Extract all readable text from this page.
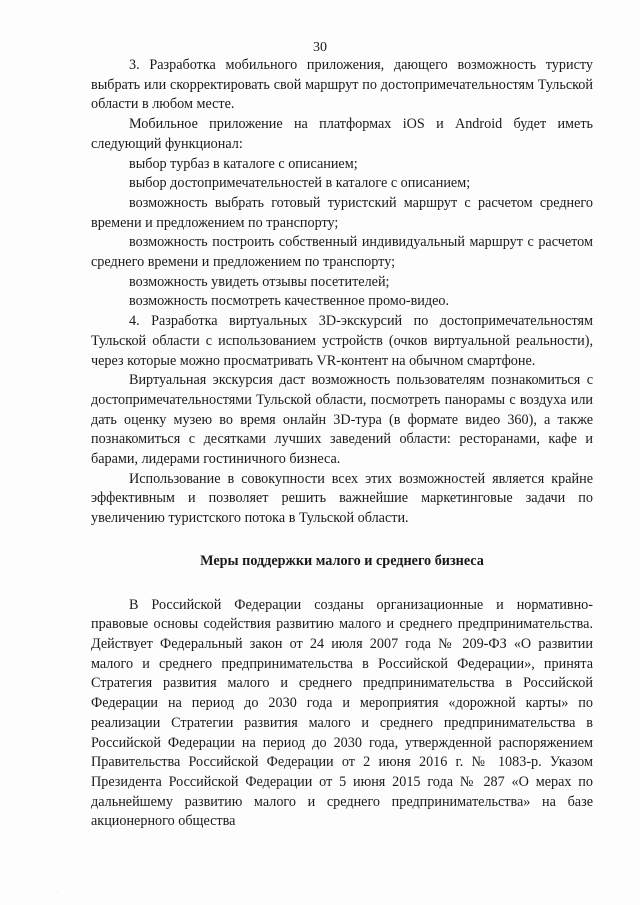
30

3. Разработка мобильного приложения, дающего возможность туристу выбрать или скорректировать свой маршрут по достопримечательностям Тульской области в любом месте.

Мобильное приложение на платформах iOS и Android будет иметь следующий функционал:

выбор турбаз в каталоге с описанием;

выбор достопримечательностей в каталоге с описанием;

возможность выбрать готовый туристский маршрут с расчетом среднего времени и предложением по транспорту;

возможность построить собственный индивидуальный маршрут с расчетом среднего времени и предложением по транспорту;

возможность увидеть отзывы посетителей;

возможность посмотреть качественное промо-видео.

4. Разработка виртуальных 3D-экскурсий по достопримечательностям Тульской области с использованием устройств (очков виртуальной реальности), через которые можно просматривать VR-контент на обычном смартфоне.

Виртуальная экскурсия даст возможность пользователям познакомиться с достопримечательностями Тульской области, посмотреть панорамы с воздуха или дать оценку музею во время онлайн 3D-тура (в формате видео 360), а также познакомиться с десятками лучших заведений области: ресторанами, кафе и барами, лидерами гостиничного бизнеса.

Использование в совокупности всех этих возможностей является крайне эффективным и позволяет решить важнейшие маркетинговые задачи по увеличению туристского потока в Тульской области.

Меры поддержки малого и среднего бизнеса

В Российской Федерации созданы организационные и нормативно-правовые основы содействия развитию малого и среднего предпринимательства. Действует Федеральный закон от 24 июля 2007 года № 209-ФЗ «О развитии малого и среднего предпринимательства в Российской Федерации», принята Стратегия развития малого и среднего предпринимательства в Российской Федерации на период до 2030 года и мероприятия «дорожной карты» по реализации Стратегии развития малого и среднего предпринимательства в Российской Федерации на период до 2030 года, утвержденной распоряжением Правительства Российской Федерации от 2 июня 2016 г. № 1083-р. Указом Президента Российской Федерации от 5 июня 2015 года № 287 «О мерах по дальнейшему развитию малого и среднего предпринимательства» на базе акционерного общества

· · ·
